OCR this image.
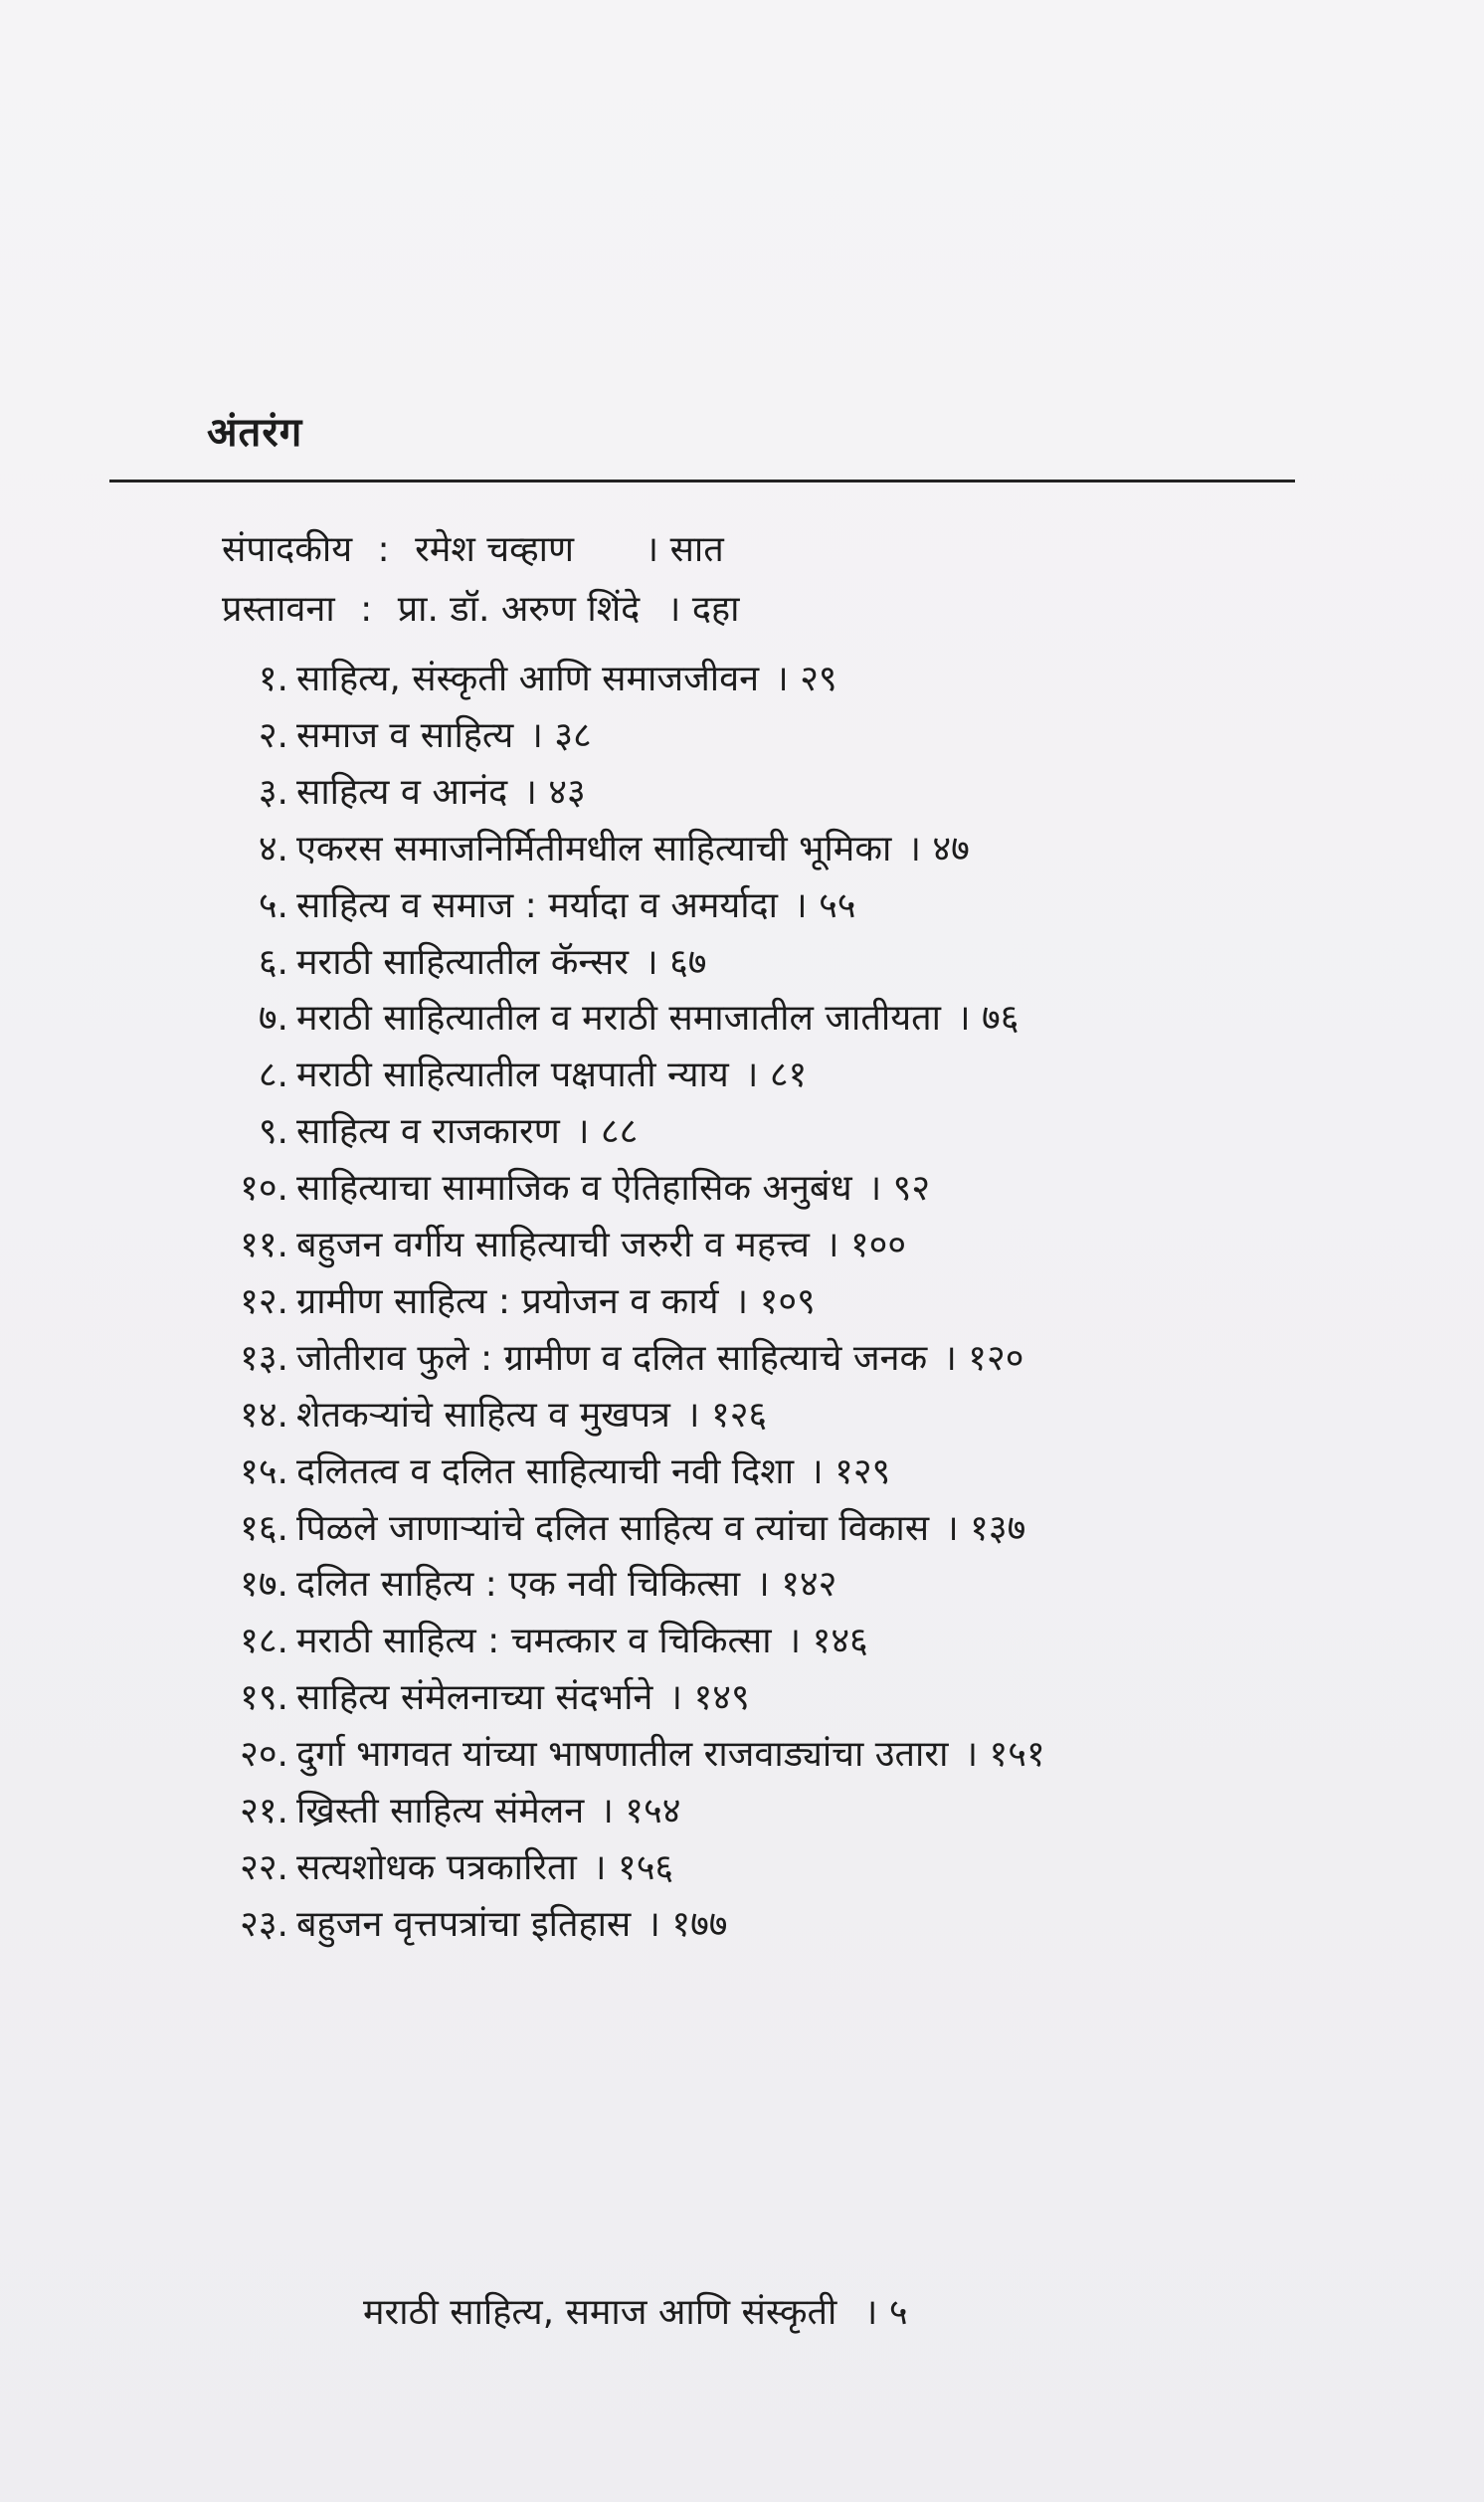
अंतरंग
संपादकीय : रमेश चव्हाण । सात
प्रस्तावना : प्रा. डॉ. अरुण शिंदे । दहा
१. साहित्य, संस्कृती आणि समाजजीवन । २९
२. समाज व साहित्य । ३८
३. साहित्य व आनंद । ४३
४. एकरस समाजनिर्मितीमधील साहित्याची भूमिका । ४७
५. साहित्य व समाज : मर्यादा व अमर्यादा । ५५
६. मराठी साहित्यातील कॅन्सर । ६७
७. मराठी साहित्यातील व मराठी समाजातील जातीयता । ७६
८. मराठी साहित्यातील पक्षपाती न्याय । ८१
९. साहित्य व राजकारण । ८८
१०. साहित्याचा सामाजिक व ऐतिहासिक अनुबंध । ९२
११. बहुजन वर्गीय साहित्याची जरुरी व महत्त्व । १००
१२. ग्रामीण साहित्य : प्रयोजन व कार्य । १०९
१३. जोतीराव फुले : ग्रामीण व दलित साहित्याचे जनक । १२०
१४. शेतकऱ्यांचे साहित्य व मुखपत्र । १२६
१५. दलितत्व व दलित साहित्याची नवी दिशा । १२९
१६. पिळले जाणाऱ्यांचे दलित साहित्य व त्यांचा विकास । १३७
१७. दलित साहित्य : एक नवी चिकित्सा । १४२
१८. मराठी साहित्य : चमत्कार व चिकित्सा । १४६
१९. साहित्य संमेलनाच्या संदर्भाने । १४९
२०. दुर्गा भागवत यांच्या भाषणातील राजवाड्यांचा उतारा । १५१
२१. ख्रिस्ती साहित्य संमेलन । १५४
२२. सत्यशोधक पत्रकारिता । १५६
२३. बहुजन वृत्तपत्रांचा इतिहास । १७७
मराठी साहित्य, समाज आणि संस्कृती । ५
